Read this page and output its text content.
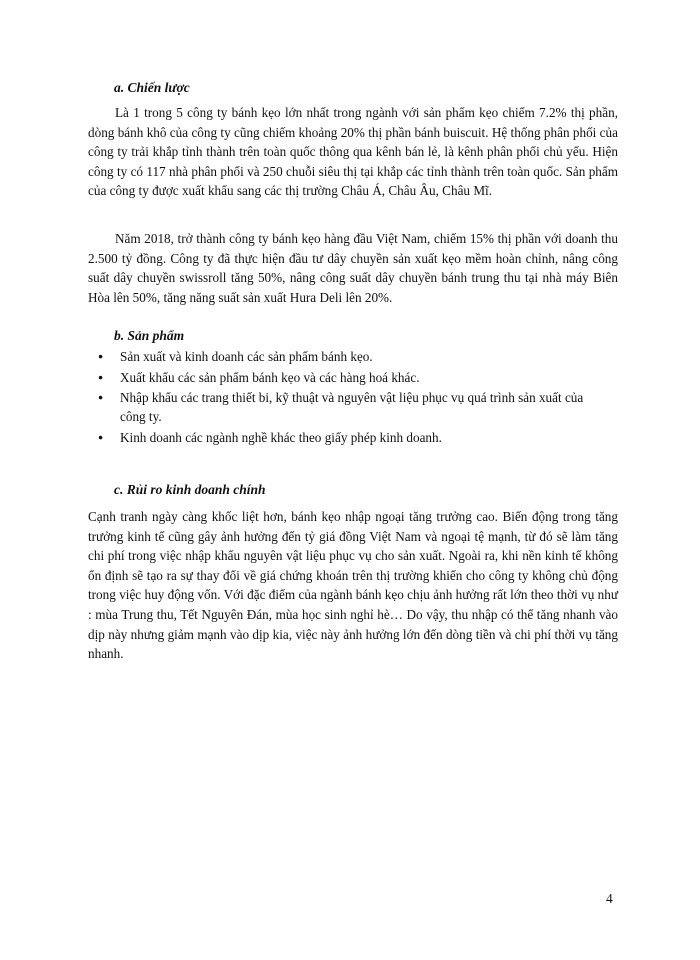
a. Chiến lược

Là 1 trong 5 công ty bánh kẹo lớn nhất trong ngành với sản phẩm kẹo chiếm 7.2% thị phần, dòng bánh khô của công ty cũng chiếm khoảng 20% thị phần bánh buiscuit. Hệ thống phân phối của công ty trải khắp tỉnh thành trên toàn quốc thông qua kênh bán lẻ, là kênh phân phối chủ yếu. Hiện công ty có 117 nhà phân phối và 250 chuỗi siêu thị tại khắp các tỉnh thành trên toàn quốc. Sản phẩm của công ty được xuất khẩu sang các thị trường Châu Á, Châu Âu, Châu Mĩ.

Năm 2018, trở thành công ty bánh kẹo hàng đầu Việt Nam, chiếm 15% thị phần với doanh thu 2.500 tỷ đồng. Công ty đã thực hiện đầu tư dây chuyền sản xuất kẹo mềm hoàn chỉnh, nâng công suất dây chuyền swissroll tăng 50%, nâng công suất dây chuyền bánh trung thu tại nhà máy Biên Hòa lên 50%, tăng năng suất sản xuất Hura Deli lên 20%.

b. Sản phẩm
● Sản xuất và kinh doanh các sản phẩm bánh kẹo.
● Xuất khẩu các sản phẩm bánh kẹo và các hàng hoá khác.
● Nhập khẩu các trang thiết bi, kỹ thuật và nguyên vật liệu phục vụ quá trình sản xuất của công ty.
● Kinh doanh các ngành nghề khác theo giấy phép kinh doanh.
c. Rủi ro kinh doanh chính

Cạnh tranh ngày càng khốc liệt hơn, bánh kẹo nhập ngoại tăng trưởng cao. Biến động trong tăng trưởng kinh tế cũng gây ảnh hưởng đến tỷ giá đồng Việt Nam và ngoại tệ mạnh, từ đó sẽ làm tăng chi phí trong việc nhập khẩu nguyên vật liệu phục vụ cho sản xuất. Ngoài ra, khi nền kinh tế không ổn định sẽ tạo ra sự thay đổi về giá chứng khoán trên thị trường khiến cho công ty không chủ động trong việc huy động vốn. Với đặc điểm của ngành bánh kẹo chịu ảnh hưởng rất lớn theo thời vụ như : mùa Trung thu, Tết Nguyên Đán, mùa học sinh nghỉ hè… Do vậy, thu nhập có thể tăng nhanh vào dịp này nhưng giảm mạnh vào dịp kia, việc này ảnh hưởng lớn đến dòng tiền và chi phí thời vụ tăng nhanh.

4
